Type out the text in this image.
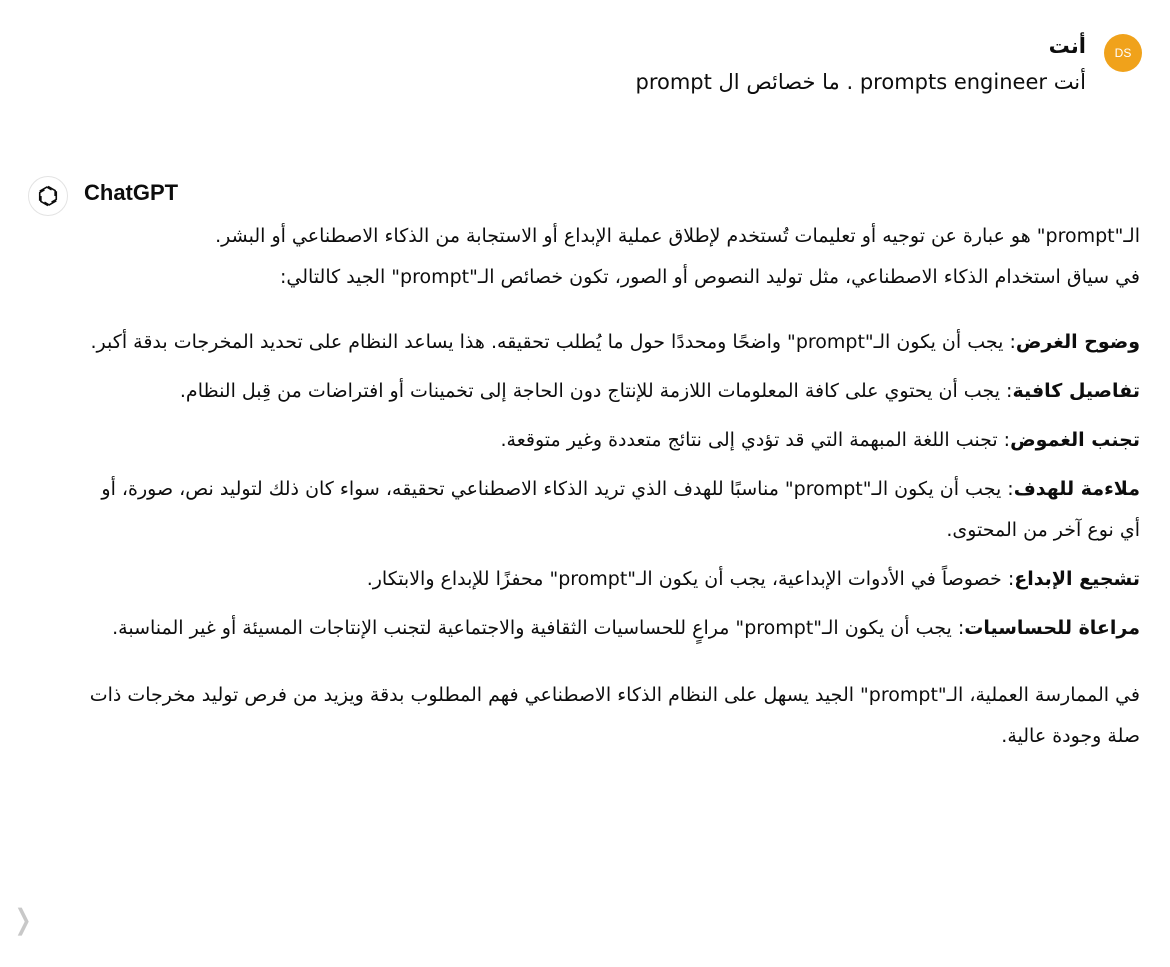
DS
أنت
أنت prompts engineer . ما خصائص ال prompt
ChatGPT

الـ"prompt" هو عبارة عن توجيه أو تعليمات تُستخدم لإطلاق عملية الإبداع أو الاستجابة من الذكاء الاصطناعي أو البشر.

في سياق استخدام الذكاء الاصطناعي، مثل توليد النصوص أو الصور، تكون خصائص الـ"prompt" الجيد كالتالي:

وضوح الغرض: يجب أن يكون الـ"prompt" واضحًا ومحددًا حول ما يُطلب تحقيقه. هذا يساعد النظام على تحديد المخرجات بدقة أكبر.

تفاصيل كافية: يجب أن يحتوي على كافة المعلومات اللازمة للإنتاج دون الحاجة إلى تخمينات أو افتراضات من قِبل النظام.

تجنب الغموض: تجنب اللغة المبهمة التي قد تؤدي إلى نتائج متعددة وغير متوقعة.

ملاءمة للهدف: يجب أن يكون الـ"prompt" مناسبًا للهدف الذي تريد الذكاء الاصطناعي تحقيقه، سواء كان ذلك لتوليد نص، صورة، أو أي نوع آخر من المحتوى.

تشجيع الإبداع: خصوصاً في الأدوات الإبداعية، يجب أن يكون الـ"prompt" محفزًا للإبداع والابتكار.

مراعاة للحساسيات: يجب أن يكون الـ"prompt" مراعٍ للحساسيات الثقافية والاجتماعية لتجنب الإنتاجات المسيئة أو غير المناسبة.

في الممارسة العملية، الـ"prompt" الجيد يسهل على النظام الذكاء الاصطناعي فهم المطلوب بدقة ويزيد من فرص توليد مخرجات ذات صلة وجودة عالية.

❭
